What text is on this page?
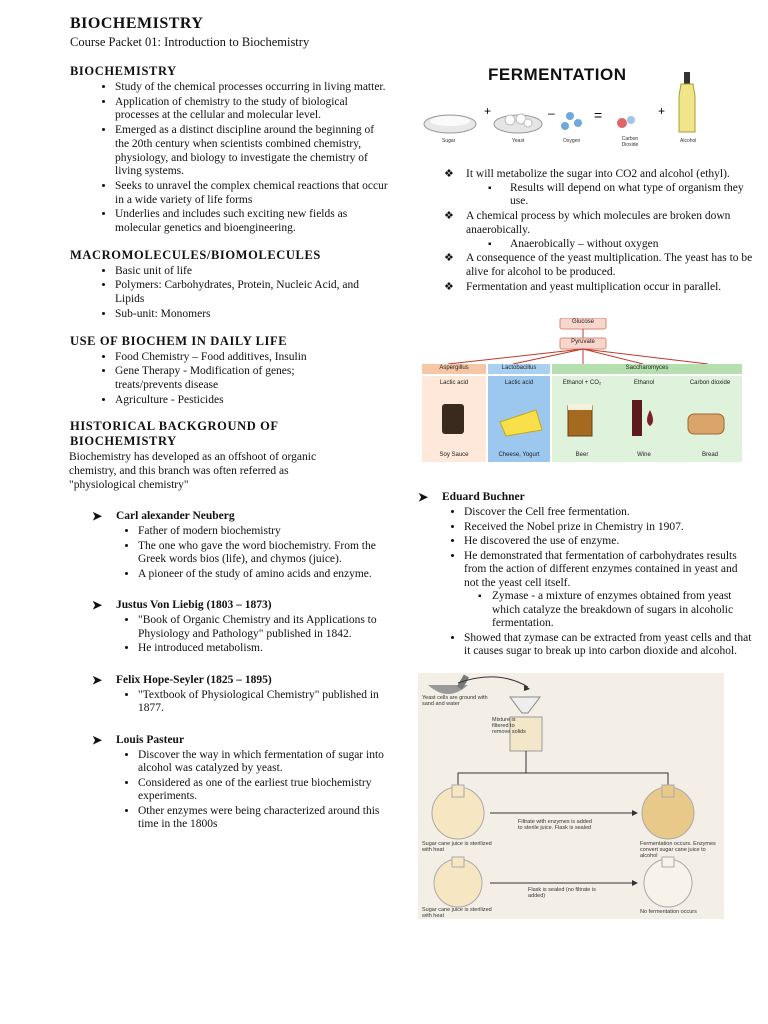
BIOCHEMISTRY
Course Packet 01: Introduction to Biochemistry
BIOCHEMISTRY
• Study of the chemical processes occurring in living matter.
• Application of chemistry to the study of biological processes at the cellular and molecular level.
• Emerged as a distinct discipline around the beginning of the 20th century when scientists combined chemistry, physiology, and biology to investigate the chemistry of living systems.
• Seeks to unravel the complex chemical reactions that occur in a wide variety of life forms
• Underlies and includes such exciting new fields as molecular genetics and bioengineering.
MACROMOLECULES/BIOMOLECULES
• Basic unit of life
• Polymers: Carbohydrates, Protein, Nucleic Acid, and Lipids
• Sub-unit: Monomers
USE OF BIOCHEM IN DAILY LIFE
• Food Chemistry – Food additives, Insulin
• Gene Therapy - Modification of genes; treats/prevents disease
• Agriculture - Pesticides
HISTORICAL BACKGROUND OF BIOCHEMISTRY

Biochemistry has developed as an offshoot of organic chemistry, and this branch was often referred as "physiological chemistry"

➤	Carl alexander Neuberg
• Father of modern biochemistry
• The one who gave the word biochemistry. From the Greek words bios (life), and chymos (juice).
• A pioneer of the study of amino acids and enzyme.
➤	Justus Von Liebig (1803 – 1873)
• "Book of Organic Chemistry and its Applications to Physiology and Pathology" published in 1842.
• He introduced metabolism.
➤	Felix Hope-Seyler (1825 – 1895)
• "Textbook of Physiological Chemistry" published in 1877.
➤	Louis Pasteur
• Discover the way in which fermentation of sugar into alcohol was catalyzed by yeast.
• Considered as one of the earliest true biochemistry experiments.
• Other enzymes were being characterized around this time in the 1800s
FERMENTATION
+	–	=	+
Sugar	Yeast	Oxygen	Carbon Dioxide
Alcohol
❖ It will metabolize the sugar into CO2 and alcohol (ethyl).
▪ Results will depend on what type of organism they use.
❖ A chemical process by which molecules are broken down anaerobically.
▪ Anaerobically – without oxygen
❖ A consequence of the yeast multiplication. The yeast has to be alive for alcohol to be produced.
❖ Fermentation and yeast multiplication occur in parallel.
Glucose
Pyruvate
Aspergillus	Lactobacillus	Saccharomyces
Lactic acid	Lactic acid	Ethanol + CO₂	Ethanol	Carbon dioxide
Soy Sauce	Cheese, Yogurt	Beer	Wine	Bread
➤	Eduard Buchner
• Discover the Cell free fermentation.
• Received the Nobel prize in Chemistry in 1907.
• He discovered the use of enzyme.
• He demonstrated that fermentation of carbohydrates results from the action of different enzymes contained in yeast and not the yeast cell itself.
▪ Zymase - a mixture of enzymes obtained from yeast which catalyze the breakdown of sugars in alcoholic fermentation.
• Showed that zymase can be extracted from yeast cells and that it causes sugar to break up into carbon dioxide and alcohol.
Yeast cells are ground with sand and water
Mixture is filtered to remove solids
Filtrate with enzymes is added to sterile juice. Flask is sealed
Fermentation occurs. Enzymes convert sugar cane juice to alcohol
Sugar cane juice is sterilized with heat
Flask is sealed (no filtrate is added)
No fermentation occurs
Sugar cane juice is sterilized with heat
